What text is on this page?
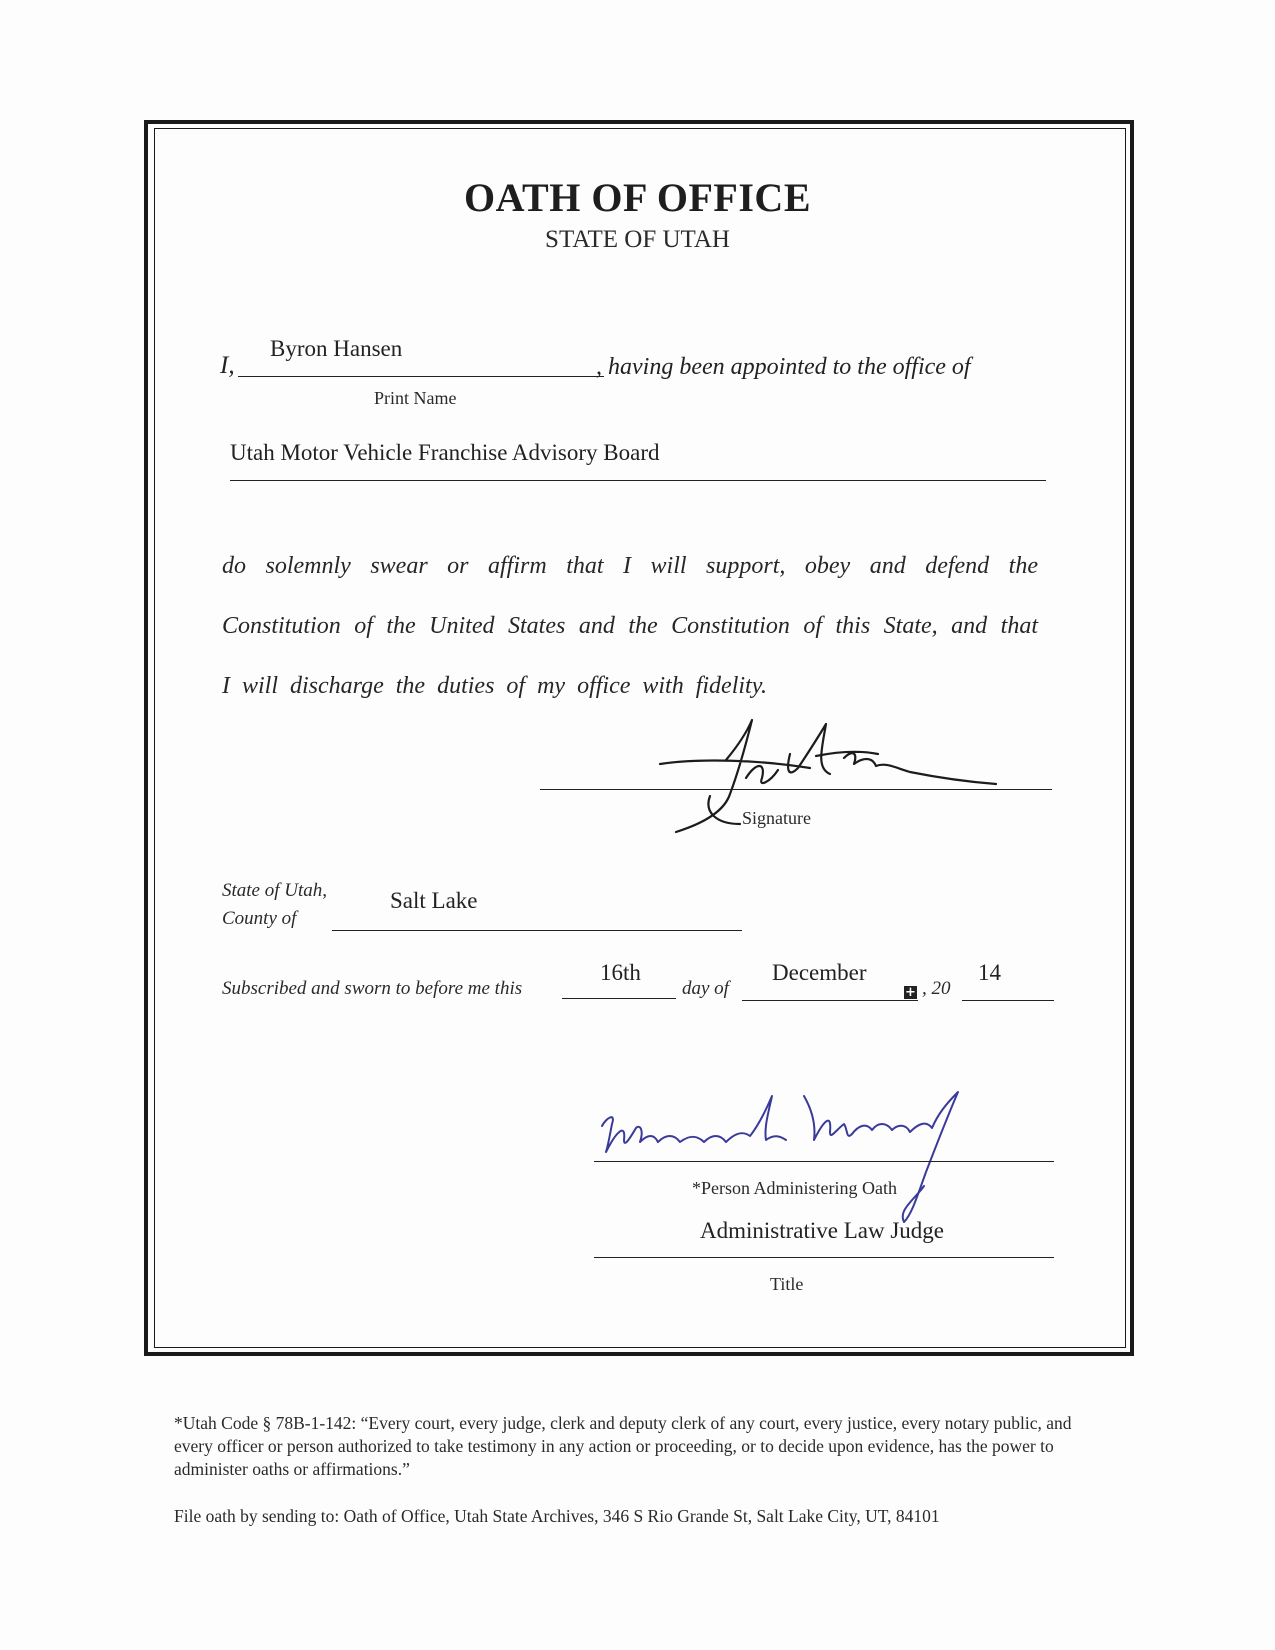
OATH OF OFFICE
STATE OF UTAH
I,
Byron Hansen
, having been appointed to the office of
Print Name
Utah Motor Vehicle Franchise Advisory Board
do solemnly swear or affirm that I will support, obey and defend the Constitution of the United States and the Constitution of this State, and that I will discharge the duties of my office with fidelity.
Signature
State of Utah,
County of
Salt Lake
Subscribed and sworn to before me this
16th
day of
December
+ , 20
14
*Person Administering Oath
Administrative Law Judge
Title
*Utah Code § 78B-1-142: “Every court, every judge, clerk and deputy clerk of any court, every justice, every notary public, and every officer or person authorized to take testimony in any action or proceeding, or to decide upon evidence, has the power to administer oaths or affirmations.”
File oath by sending to: Oath of Office, Utah State Archives, 346 S Rio Grande St, Salt Lake City, UT, 84101
